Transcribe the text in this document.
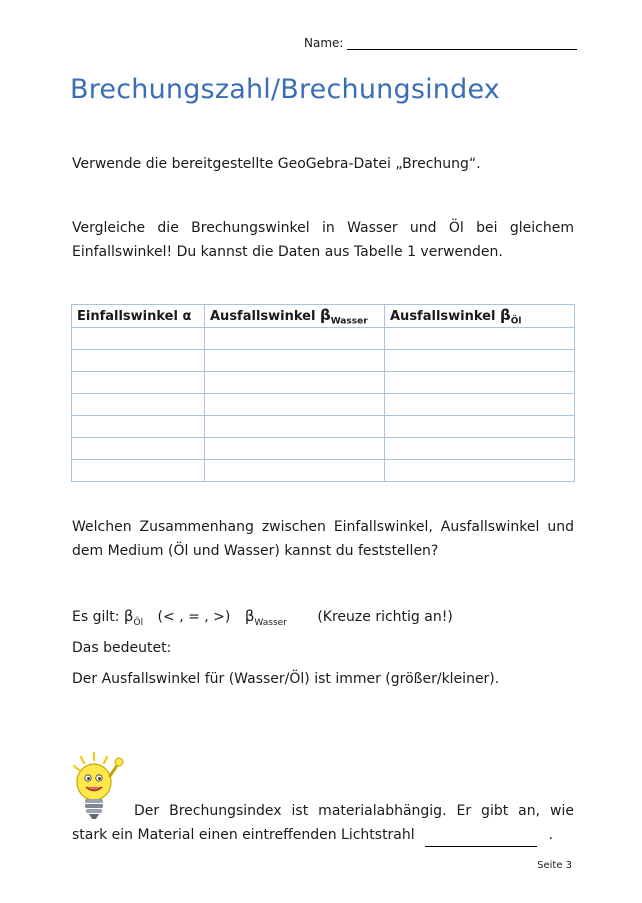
Name:
Brechungszahl/Brechungsindex
Verwende die bereitgestellte GeoGebra-Datei „Brechung“.
Vergleiche die Brechungswinkel in Wasser und Öl bei gleichem
Einfallswinkel! Du kannst die Daten aus Tabelle 1 verwenden.
Einfallswinkel α	Ausfallswinkel $\beta_{Wasser}$	Ausfallswinkel $\beta_{Öl}$

Welchen Zusammenhang zwischen Einfallswinkel, Ausfallswinkel und
dem Medium (Öl und Wasser) kannst du feststellen?
Es gilt: $\beta_{Öl}$ (< , = , >) $\beta_{Wasser}$ (Kreuze richtig an!)
Das bedeutet:
Der Ausfallswinkel für (Wasser/Öl) ist immer (größer/kleiner).
Der Brechungsindex ist materialabhängig. Er gibt an, wie
stark ein Material einen eintreffenden Lichtstrahl	.
Seite 3
